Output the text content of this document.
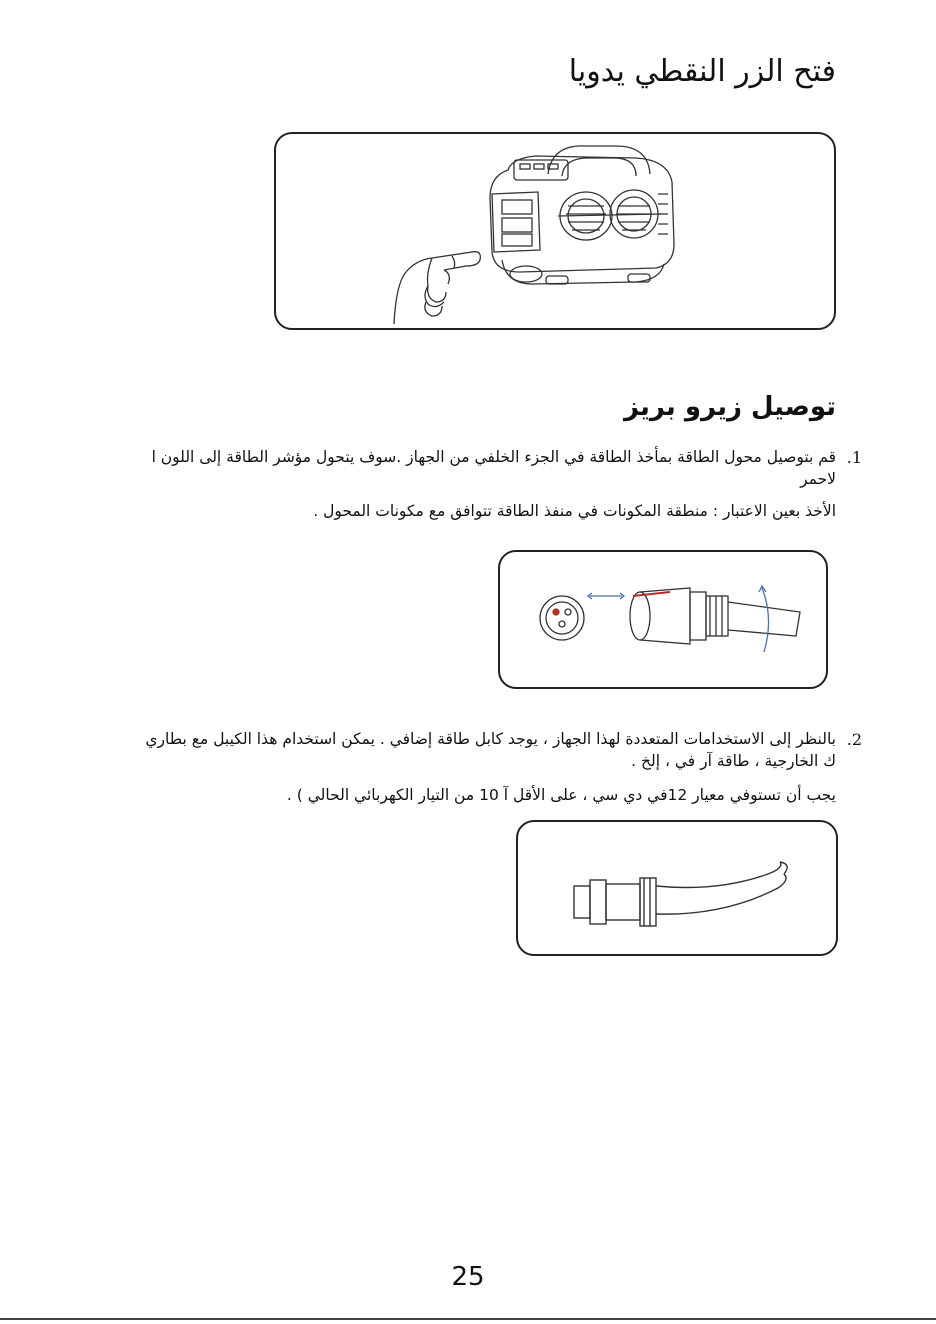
فتح الزر النقطي يدويا
توصيل زيرو بريز
.1
قم بتوصيل محول الطاقة بمأخذ الطاقة في الجزء الخلفي من الجهاز .سوف يتحول مؤشر الطاقة إلى اللون ا
لاحمر
الأخذ بعين الاعتبار : منطقة المكونات في منفذ الطاقة تتوافق مع مكونات المحول .
.2
بالنظر إلى الاستخدامات المتعددة لهذا الجهاز ، يوجد كابل طاقة إضافي . يمكن استخدام هذا الكيبل مع بطاري
ك الخارجية ، طاقة آر في ، إلخ .
يجب أن تستوفي معيار 12في دي سي ، على الأقل آ 10 من التيار الكهربائي الحالي ) .
25
